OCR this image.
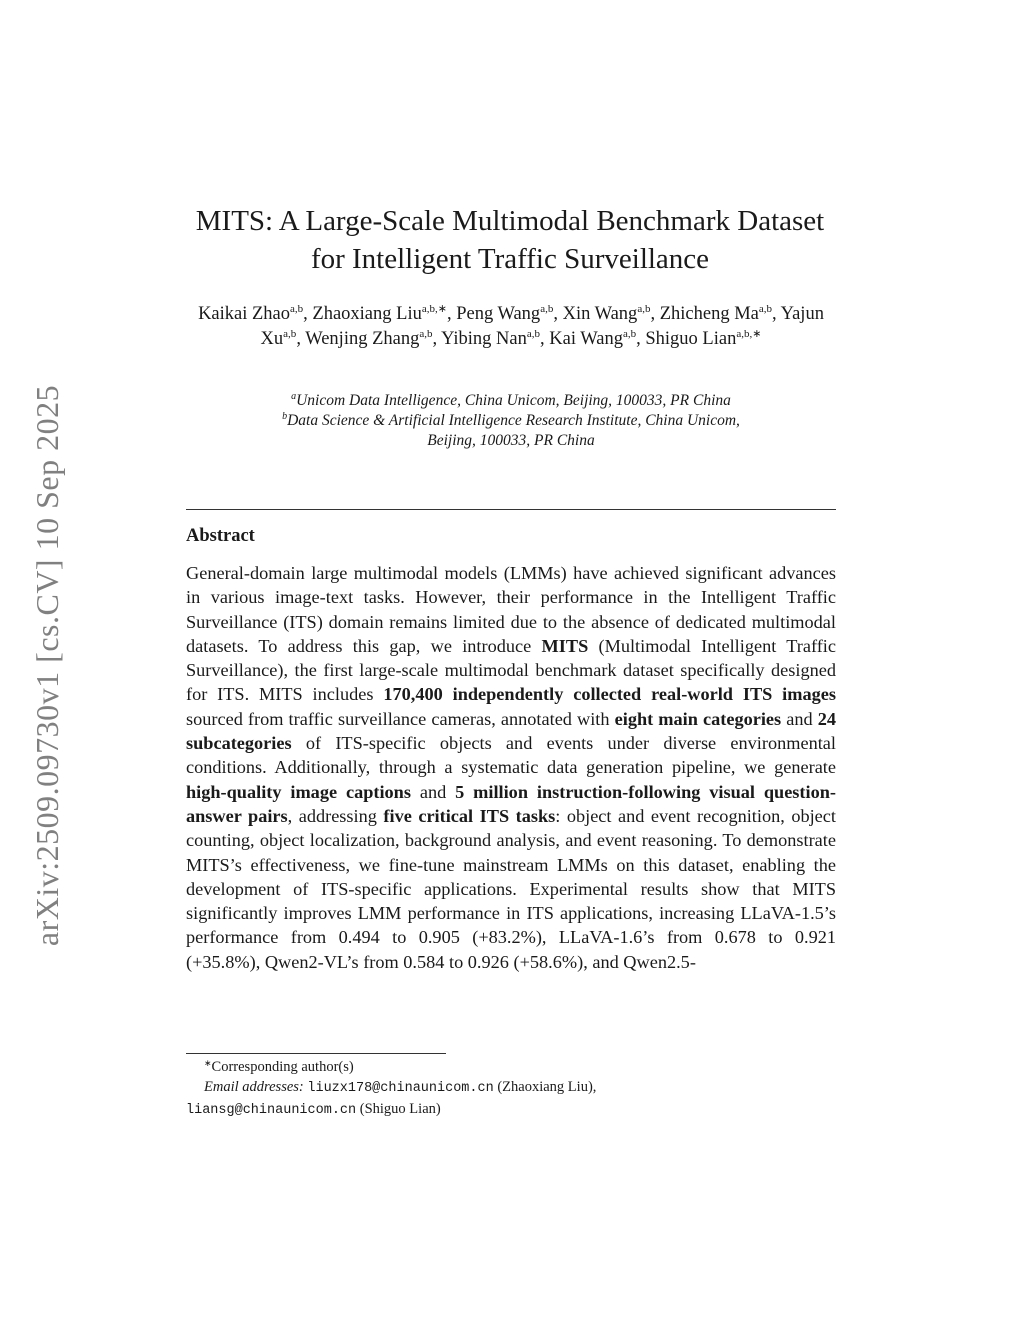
arXiv:2509.09730v1 [cs.CV] 10 Sep 2025
MITS: A Large-Scale Multimodal Benchmark Dataset
for Intelligent Traffic Surveillance
Kaikai Zhao$^{a,b}$, Zhaoxiang Liu$^{a,b,∗}$, Peng Wang$^{a,b}$, Xin Wang$^{a,b}$, Zhicheng Ma$^{a,b}$, Yajun Xu$^{a,b}$, Wenjing Zhang$^{a,b}$, Yibing Nan$^{a,b}$, Kai Wang$^{a,b}$, Shiguo Lian$^{a,b,∗}$
$^a$Unicom Data Intelligence, China Unicom, Beijing, 100033, PR China
$^b$Data Science & Artificial Intelligence Research Institute, China Unicom, Beijing, 100033, PR China
Abstract

General-domain large multimodal models (LMMs) have achieved significant advances in various image-text tasks. However, their performance in the Intelligent Traffic Surveillance (ITS) domain remains limited due to the absence of dedicated multimodal datasets. To address this gap, we introduce MITS (Multimodal Intelligent Traffic Surveillance), the first large-scale multimodal benchmark dataset specifically designed for ITS. MITS includes 170,400 independently collected real-world ITS images sourced from traffic surveillance cameras, annotated with eight main categories and 24 subcategories of ITS-specific objects and events under diverse environmental conditions. Additionally, through a systematic data generation pipeline, we generate high-quality image captions and 5 million instruction-following visual question-answer pairs, addressing five critical ITS tasks: object and event recognition, object counting, object localization, background analysis, and event reasoning. To demonstrate MITS’s effectiveness, we fine-tune mainstream LMMs on this dataset, enabling the development of ITS-specific applications. Experimental results show that MITS significantly improves LMM performance in ITS applications, increasing LLaVA-1.5’s performance from 0.494 to 0.905 (+83.2%), LLaVA-1.6’s from 0.678 to 0.921 (+35.8%), Qwen2-VL’s from 0.584 to 0.926 (+58.6%), and Qwen2.5-

∗Corresponding author(s)
Email addresses: liuzx178@chinaunicom.cn (Zhaoxiang Liu),
liansg@chinaunicom.cn (Shiguo Lian)
